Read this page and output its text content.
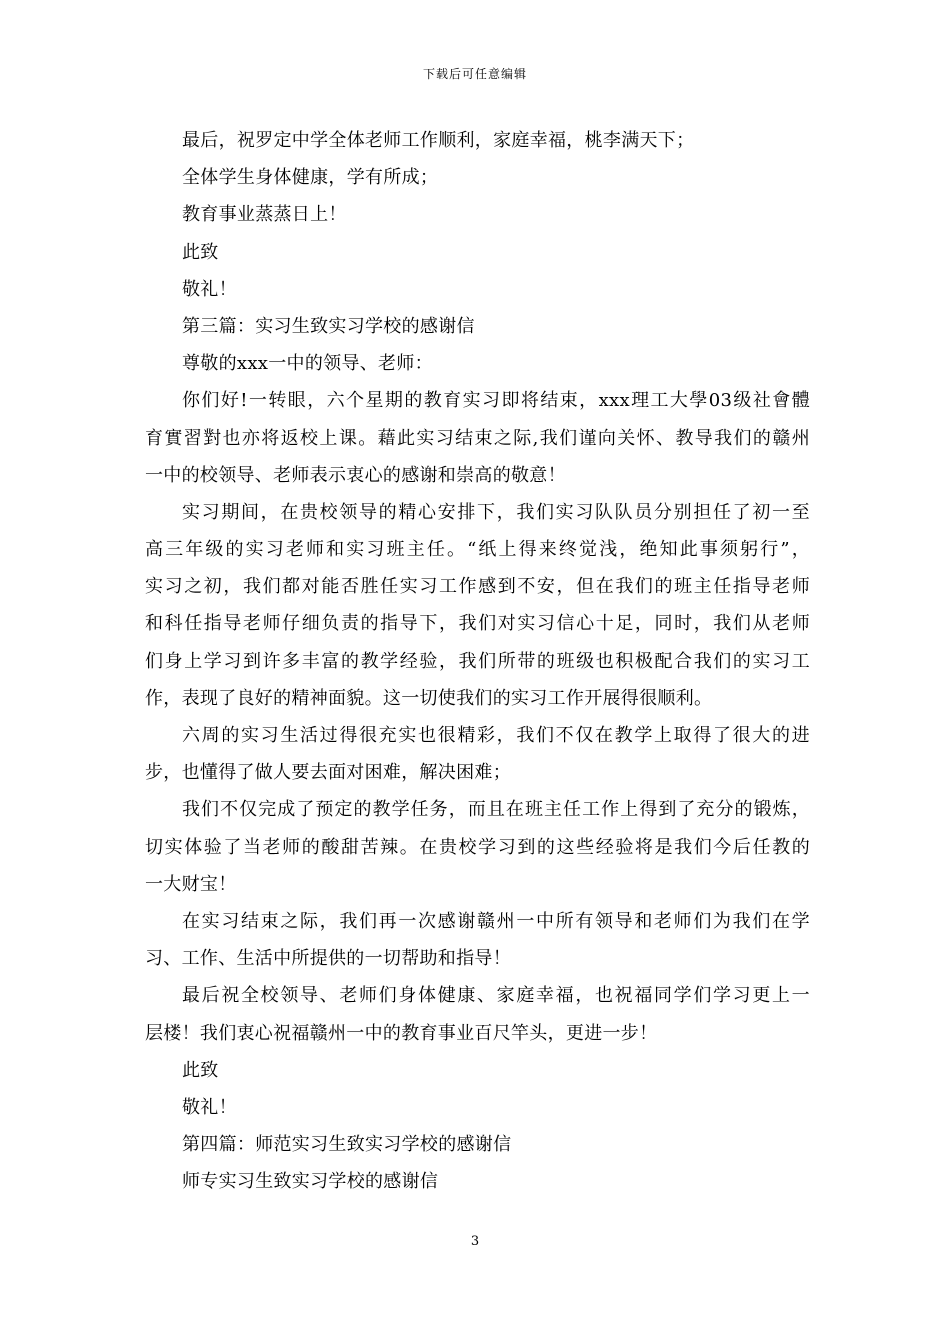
下载后可任意编辑
最后，祝罗定中学全体老师工作顺利，家庭幸福，桃李满天下；
全体学生身体健康，学有所成；
教育事业蒸蒸日上！
此致
敬礼！
第三篇：实习生致实习学校的感谢信
尊敬的xxx一中的领导、老师：
你们好!一转眼，六个星期的教育实习即将结束，xxx理工大學03级社會體
育實習對也亦将返校上课。藉此实习结束之际,我们谨向关怀、教导我们的赣州
一中的校领导、老师表示衷心的感谢和崇高的敬意！
实习期间，在贵校领导的精心安排下，我们实习队队员分别担任了初一至
高三年级的实习老师和实习班主任。“纸上得来终觉浅，绝知此事须躬行”，
实习之初，我们都对能否胜任实习工作感到不安，但在我们的班主任指导老师
和科任指导老师仔细负责的指导下，我们对实习信心十足，同时，我们从老师
们身上学习到许多丰富的教学经验，我们所带的班级也积极配合我们的实习工
作，表现了良好的精神面貌。这一切使我们的实习工作开展得很顺利。
六周的实习生活过得很充实也很精彩，我们不仅在教学上取得了很大的进
步，也懂得了做人要去面对困难，解决困难；
我们不仅完成了预定的教学任务，而且在班主任工作上得到了充分的锻炼，
切实体验了当老师的酸甜苦辣。在贵校学习到的这些经验将是我们今后任教的
一大财宝！
在实习结束之际，我们再一次感谢赣州一中所有领导和老师们为我们在学
习、工作、生活中所提供的一切帮助和指导！
最后祝全校领导、老师们身体健康、家庭幸福，也祝福同学们学习更上一
层楼！我们衷心祝福赣州一中的教育事业百尺竿头，更进一步！
此致
敬礼！
第四篇：师范实习生致实习学校的感谢信
师专实习生致实习学校的感谢信
3
